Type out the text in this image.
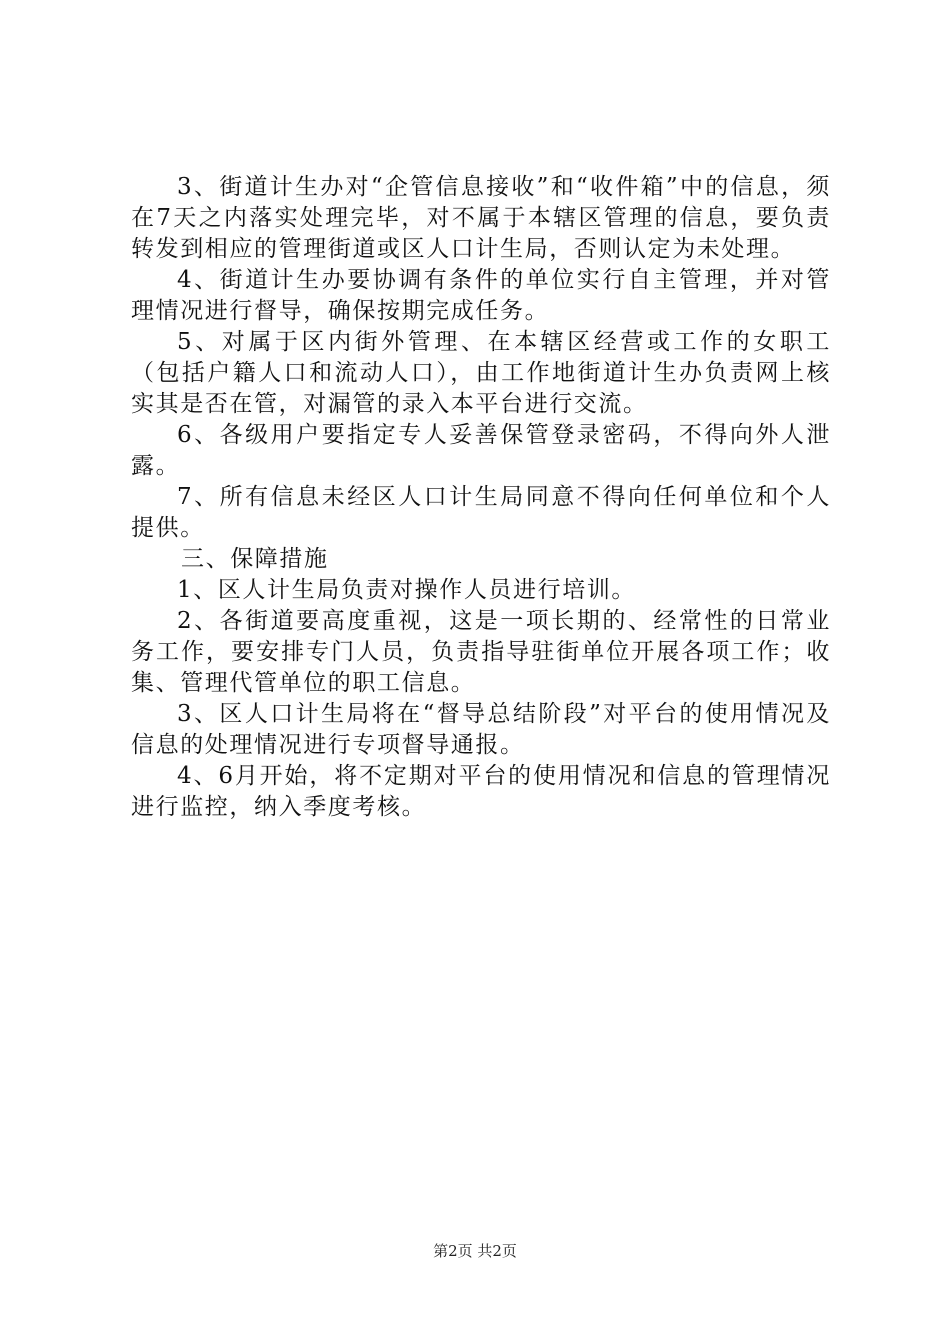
3、街道计生办对“企管信息接收”和“收件箱”中的信息，须在7天之内落实处理完毕，对不属于本辖区管理的信息，要负责转发到相应的管理街道或区人口计生局，否则认定为未处理。

4、街道计生办要协调有条件的单位实行自主管理，并对管理情况进行督导，确保按期完成任务。

5、对属于区内街外管理、在本辖区经营或工作的女职工（包括户籍人口和流动人口），由工作地街道计生办负责网上核实其是否在管，对漏管的录入本平台进行交流。

6、各级用户要指定专人妥善保管登录密码，不得向外人泄露。

7、所有信息未经区人口计生局同意不得向任何单位和个人提供。

三、保障措施

1、区人计生局负责对操作人员进行培训。

2、各街道要高度重视，这是一项长期的、经常性的日常业务工作，要安排专门人员，负责指导驻街单位开展各项工作；收集、管理代管单位的职工信息。

3、区人口计生局将在“督导总结阶段”对平台的使用情况及信息的处理情况进行专项督导通报。

4、6月开始，将不定期对平台的使用情况和信息的管理情况进行监控，纳入季度考核。

第2页 共2页
